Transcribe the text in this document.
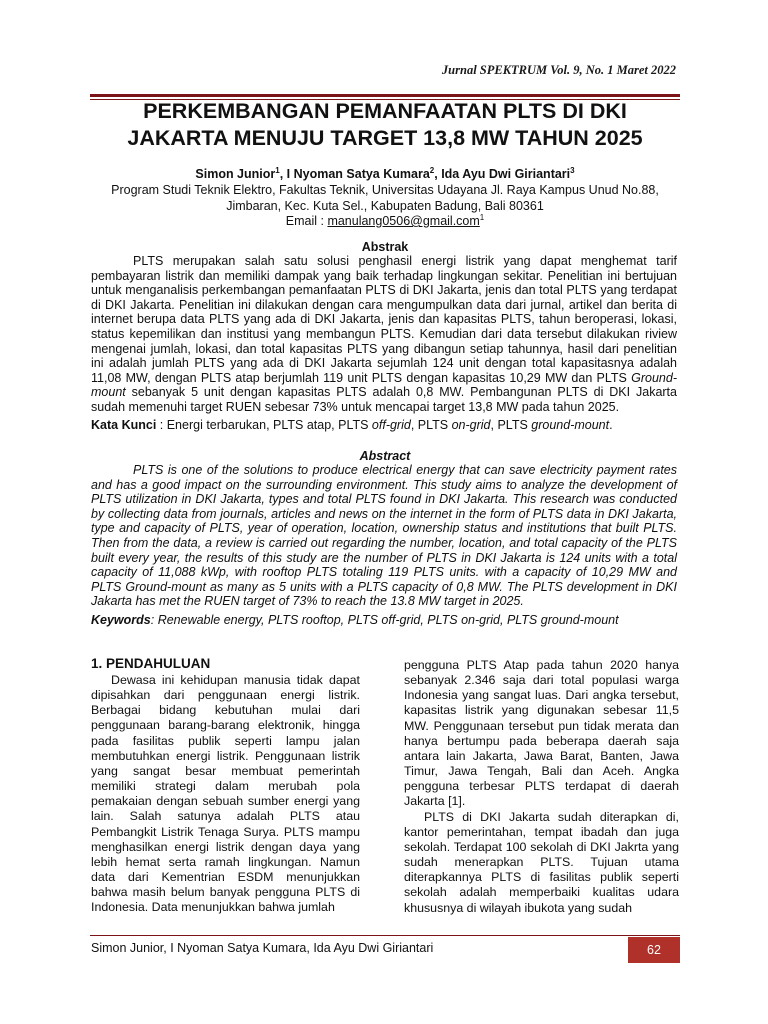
Jurnal SPEKTRUM Vol. 9, No. 1 Maret 2022
PERKEMBANGAN PEMANFAATAN PLTS DI DKI
JAKARTA MENUJU TARGET 13,8 MW TAHUN 2025
Simon Junior$^1$, I Nyoman Satya Kumara$^2$, Ida Ayu Dwi Giriantari$^3$
Program Studi Teknik Elektro, Fakultas Teknik, Universitas Udayana Jl. Raya Kampus Unud No.88,
Jimbaran, Kec. Kuta Sel., Kabupaten Badung, Bali 80361
Email : manulang0506@gmail.com$^1$
Abstrak
PLTS merupakan salah satu solusi penghasil energi listrik yang dapat menghemat tarif pembayaran listrik dan memiliki dampak yang baik terhadap lingkungan sekitar. Penelitian ini bertujuan untuk menganalisis perkembangan pemanfaatan PLTS di DKI Jakarta, jenis dan total PLTS yang terdapat di DKI Jakarta. Penelitian ini dilakukan dengan cara mengumpulkan data dari jurnal, artikel dan berita di internet berupa data PLTS yang ada di DKI Jakarta, jenis dan kapasitas PLTS, tahun beroperasi, lokasi, status kepemilikan dan institusi yang membangun PLTS. Kemudian dari data tersebut dilakukan riview mengenai jumlah, lokasi, dan total kapasitas PLTS yang dibangun setiap tahunnya, hasil dari penelitian ini adalah jumlah PLTS yang ada di DKI Jakarta sejumlah 124 unit dengan total kapasitasnya adalah 11,08 MW, dengan PLTS atap berjumlah 119 unit PLTS dengan kapasitas 10,29 MW dan PLTS Ground-mount sebanyak 5 unit dengan kapasitas PLTS adalah 0,8 MW. Pembangunan PLTS di DKI Jakarta sudah memenuhi target RUEN sebesar 73% untuk mencapai target 13,8 MW pada tahun 2025.
Kata Kunci : Energi terbarukan, PLTS atap, PLTS off-grid, PLTS on-grid, PLTS ground-mount.
Abstract
PLTS is one of the solutions to produce electrical energy that can save electricity payment rates and has a good impact on the surrounding environment. This study aims to analyze the development of PLTS utilization in DKI Jakarta, types and total PLTS found in DKI Jakarta. This research was conducted by collecting data from journals, articles and news on the internet in the form of PLTS data in DKI Jakarta, type and capacity of PLTS, year of operation, location, ownership status and institutions that built PLTS. Then from the data, a review is carried out regarding the number, location, and total capacity of the PLTS built every year, the results of this study are the number of PLTS in DKI Jakarta is 124 units with a total capacity of 11,088 kWp, with rooftop PLTS totaling 119 PLTS units. with a capacity of 10,29 MW and PLTS Ground-mount as many as 5 units with a PLTS capacity of 0,8 MW. The PLTS development in DKI Jakarta has met the RUEN target of 73% to reach the 13.8 MW target in 2025.
Keywords: Renewable energy, PLTS rooftop, PLTS off-grid, PLTS on-grid, PLTS ground-mount
1. PENDAHULUAN
Dewasa ini kehidupan manusia tidak dapat dipisahkan dari penggunaan energi listrik. Berbagai bidang kebutuhan mulai dari penggunaan barang-barang elektronik, hingga pada fasilitas publik seperti lampu jalan membutuhkan energi listrik. Penggunaan listrik yang sangat besar membuat pemerintah memiliki strategi dalam merubah pola pemakaian dengan sebuah sumber energi yang lain. Salah satunya adalah PLTS atau Pembangkit Listrik Tenaga Surya. PLTS mampu menghasilkan energi listrik dengan daya yang lebih hemat serta ramah lingkungan. Namun data dari Kementrian ESDM menunjukkan bahwa masih belum banyak pengguna PLTS di Indonesia. Data menunjukkan bahwa jumlah
pengguna PLTS Atap pada tahun 2020 hanya sebanyak 2.346 saja dari total populasi warga Indonesia yang sangat luas. Dari angka tersebut, kapasitas listrik yang digunakan sebesar 11,5 MW. Penggunaan tersebut pun tidak merata dan hanya bertumpu pada beberapa daerah saja antara lain Jakarta, Jawa Barat, Banten, Jawa Timur, Jawa Tengah, Bali dan Aceh. Angka pengguna terbesar PLTS terdapat di daerah Jakarta [1].
PLTS di DKI Jakarta sudah diterapkan di, kantor pemerintahan, tempat ibadah dan juga sekolah. Terdapat 100 sekolah di DKI Jakrta yang sudah menerapkan PLTS. Tujuan utama diterapkannya PLTS di fasilitas publik seperti sekolah adalah memperbaiki kualitas udara khususnya di wilayah ibukota yang sudah
Simon Junior, I Nyoman Satya Kumara, Ida Ayu Dwi Giriantari	62
